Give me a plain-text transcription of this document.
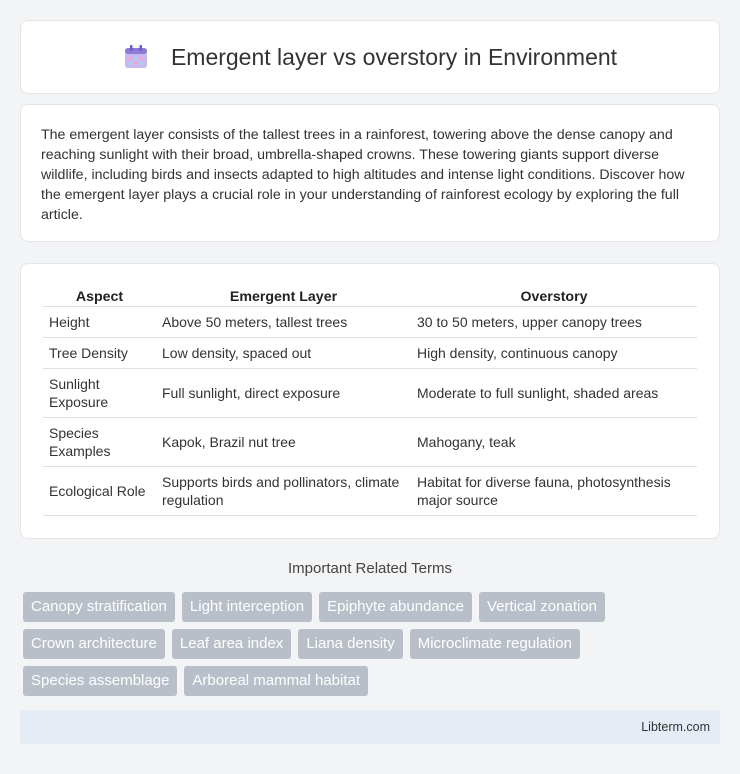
Emergent layer vs overstory in Environment

The emergent layer consists of the tallest trees in a rainforest, towering above the dense canopy and reaching sunlight with their broad, umbrella-shaped crowns. These towering giants support diverse wildlife, including birds and insects adapted to high altitudes and intense light conditions. Discover how the emergent layer plays a crucial role in your understanding of rainforest ecology by exploring the full article.

Aspect	Emergent Layer	Overstory
Height	Above 50 meters, tallest trees	30 to 50 meters, upper canopy trees
Tree Density	Low density, spaced out	High density, continuous canopy
Sunlight Exposure	Full sunlight, direct exposure	Moderate to full sunlight, shaded areas
Species Examples	Kapok, Brazil nut tree	Mahogany, teak
Ecological Role	Supports birds and pollinators, climate regulation	Habitat for diverse fauna, photosynthesis major source
Important Related Terms
Canopy stratification	Light interception	Epiphyte abundance	Vertical zonation
Crown architecture	Leaf area index	Liana density	Microclimate regulation
Species assemblage	Arboreal mammal habitat
Libterm.com
